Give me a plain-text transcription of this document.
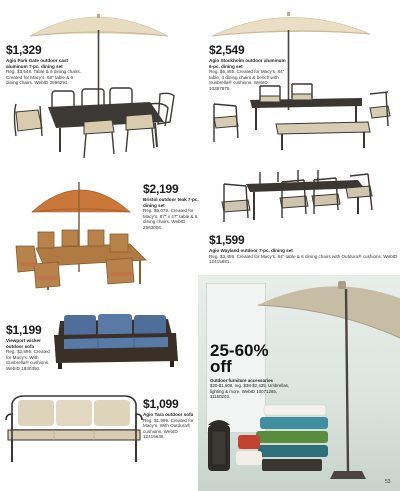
$1,329
Agio Park Gate outdoor cast aluminum 7-pc. dining set
Reg. $3,549. Table & 6 dining chairs. Created for Macy's. 68" table & 6 dining chairs. WebID 2596291.
$2,549
Agio Stockholm outdoor aluminum 6-pc. dining set
Reg. $6,469. Created for Macy's. 84" table, 4 dining chairs & bench with Sunbrella® cushions. WebID 10397876.
$2,199
Bristol outdoor teak 7-pc. dining set
Reg. $6,079. Created for Macy's. 87" x 47" table & 6 dining chairs. WebID 2563006.
$1,599
Agio Wayland outdoor 7-pc. dining set
Reg. $3,459. Created for Macy's. 84" table & 6 dining chairs with Outdura® cushions. WebID 12415681.
$1,199
Viewport wicker outdoor sofa
Reg. $2,999. Created for Macy's. With Sunbrella® cushions. WebID 1830350.
$1,099
Agio Tara outdoor sofa
Reg. $1,999. Created for Macy's. With Outdura® cushions. WebID 12415638.
25-60% off
Outdoor furniture accessories
$20-$1,608, reg. $38-$2,435. Umbrellas, lighting & more. WebID 10071265, 11150203.
53
